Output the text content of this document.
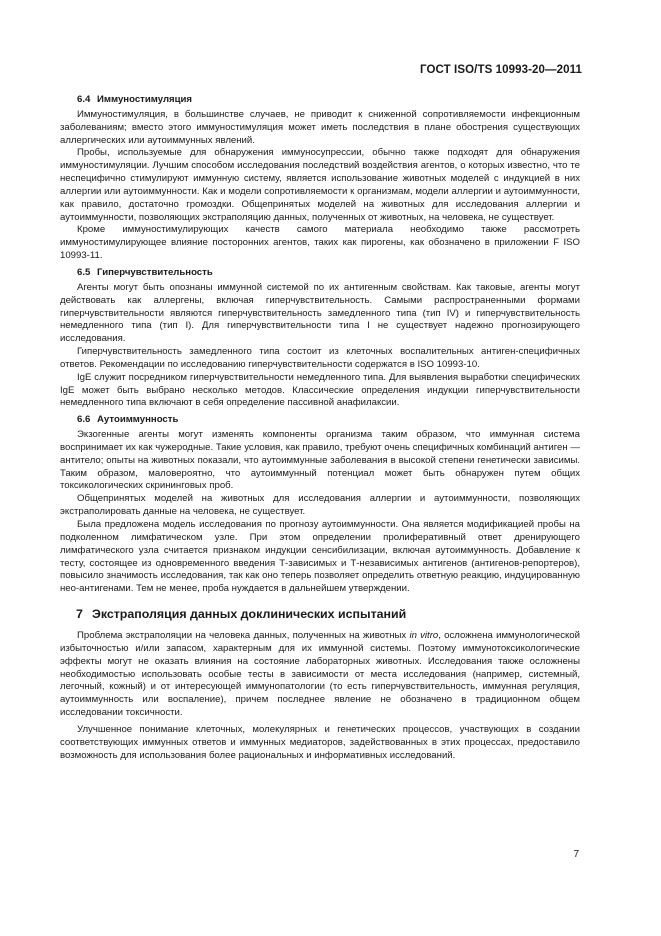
ГОСТ ISO/TS 10993-20—2011
6.4 Иммуностимуляция

Иммуностимуляция, в большинстве случаев, не приводит к сниженной сопротивляемости инфекционным заболеваниям; вместо этого иммуностимуляция может иметь последствия в плане обострения существующих аллергических или аутоиммунных явлений.

Пробы, используемые для обнаружения иммуносупрессии, обычно также подходят для обнаружения иммуностимуляции. Лучшим способом исследования последствий воздействия агентов, о которых известно, что те неспецифично стимулируют иммунную систему, является использование животных моделей с индукцией в них аллергии или аутоиммунности. Как и модели сопротивляемости к организмам, модели аллергии и аутоиммунности, как правило, достаточно громоздки. Общепринятых моделей на животных для исследования аллергии и аутоиммунности, позволяющих экстраполяцию данных, полученных от животных, на человека, не существует.

Кроме иммуностимулирующих качеств самого материала необходимо также рассмотреть иммуностимулирующее влияние посторонних агентов, таких как пирогены, как обозначено в приложении F ISO 10993-11.

6.5 Гиперчувствительность

Агенты могут быть опознаны иммунной системой по их антигенным свойствам. Как таковые, агенты могут действовать как аллергены, включая гиперчувствительность. Самыми распространенными формами гиперчувствительности являются гиперчувствительность замедленного типа (тип IV) и гиперчувствительность немедленного типа (тип I). Для гиперчувствительности типа I не существует надежно прогнозирующего исследования.

Гиперчувствительность замедленного типа состоит из клеточных воспалительных антиген-специфичных ответов. Рекомендации по исследованию гиперчувствительности содержатся в ISO 10993-10.

IgE служит посредником гиперчувствительности немедленного типа. Для выявления выработки специфических IgE может быть выбрано несколько методов. Классические определения индукции гиперчувствительности немедленного типа включают в себя определение пассивной анафилаксии.

6.6 Аутоиммунность

Экзогенные агенты могут изменять компоненты организма таким образом, что иммунная система воспринимает их как чужеродные. Такие условия, как правило, требуют очень специфичных комбинаций антиген — антитело; опыты на животных показали, что аутоиммунные заболевания в высокой степени генетически зависимы. Таким образом, маловероятно, что аутоиммунный потенциал может быть обнаружен путем общих токсикологических скрининговых проб.

Общепринятых моделей на животных для исследования аллергии и аутоиммунности, позволяющих экстраполировать данные на человека, не существует.

Была предложена модель исследования по прогнозу аутоиммунности. Она является модификацией пробы на подколенном лимфатическом узле. При этом определении пролиферативный ответ дренирующего лимфатического узла считается признаком индукции сенсибилизации, включая аутоиммунность. Добавление к тесту, состоящее из одновременного введения Т-зависимых и Т-независимых антигенов (антигенов-репортеров), повысило значимость исследования, так как оно теперь позволяет определить ответную реакцию, индуцированную нео-антигенами. Тем не менее, проба нуждается в дальнейшем утверждении.

7 Экстраполяция данных доклинических испытаний

Проблема экстраполяции на человека данных, полученных на животных in vitro, осложнена иммунологической избыточностью и/или запасом, характерным для их иммунной системы. Поэтому иммунотоксикологические эффекты могут не оказать влияния на состояние лабораторных животных. Исследования также осложнены необходимостью использовать особые тесты в зависимости от места исследования (например, системный, легочный, кожный) и от интересующей иммунопатологии (то есть гиперчувствительность, иммунная регуляция, аутоиммунность или воспаление), причем последнее явление не обозначено в традиционном общем исследовании токсичности.

Улучшенное понимание клеточных, молекулярных и генетических процессов, участвующих в создании соответствующих иммунных ответов и иммунных медиаторов, задействованных в этих процессах, предоставило возможность для использования более рациональных и информативных исследований.

7
